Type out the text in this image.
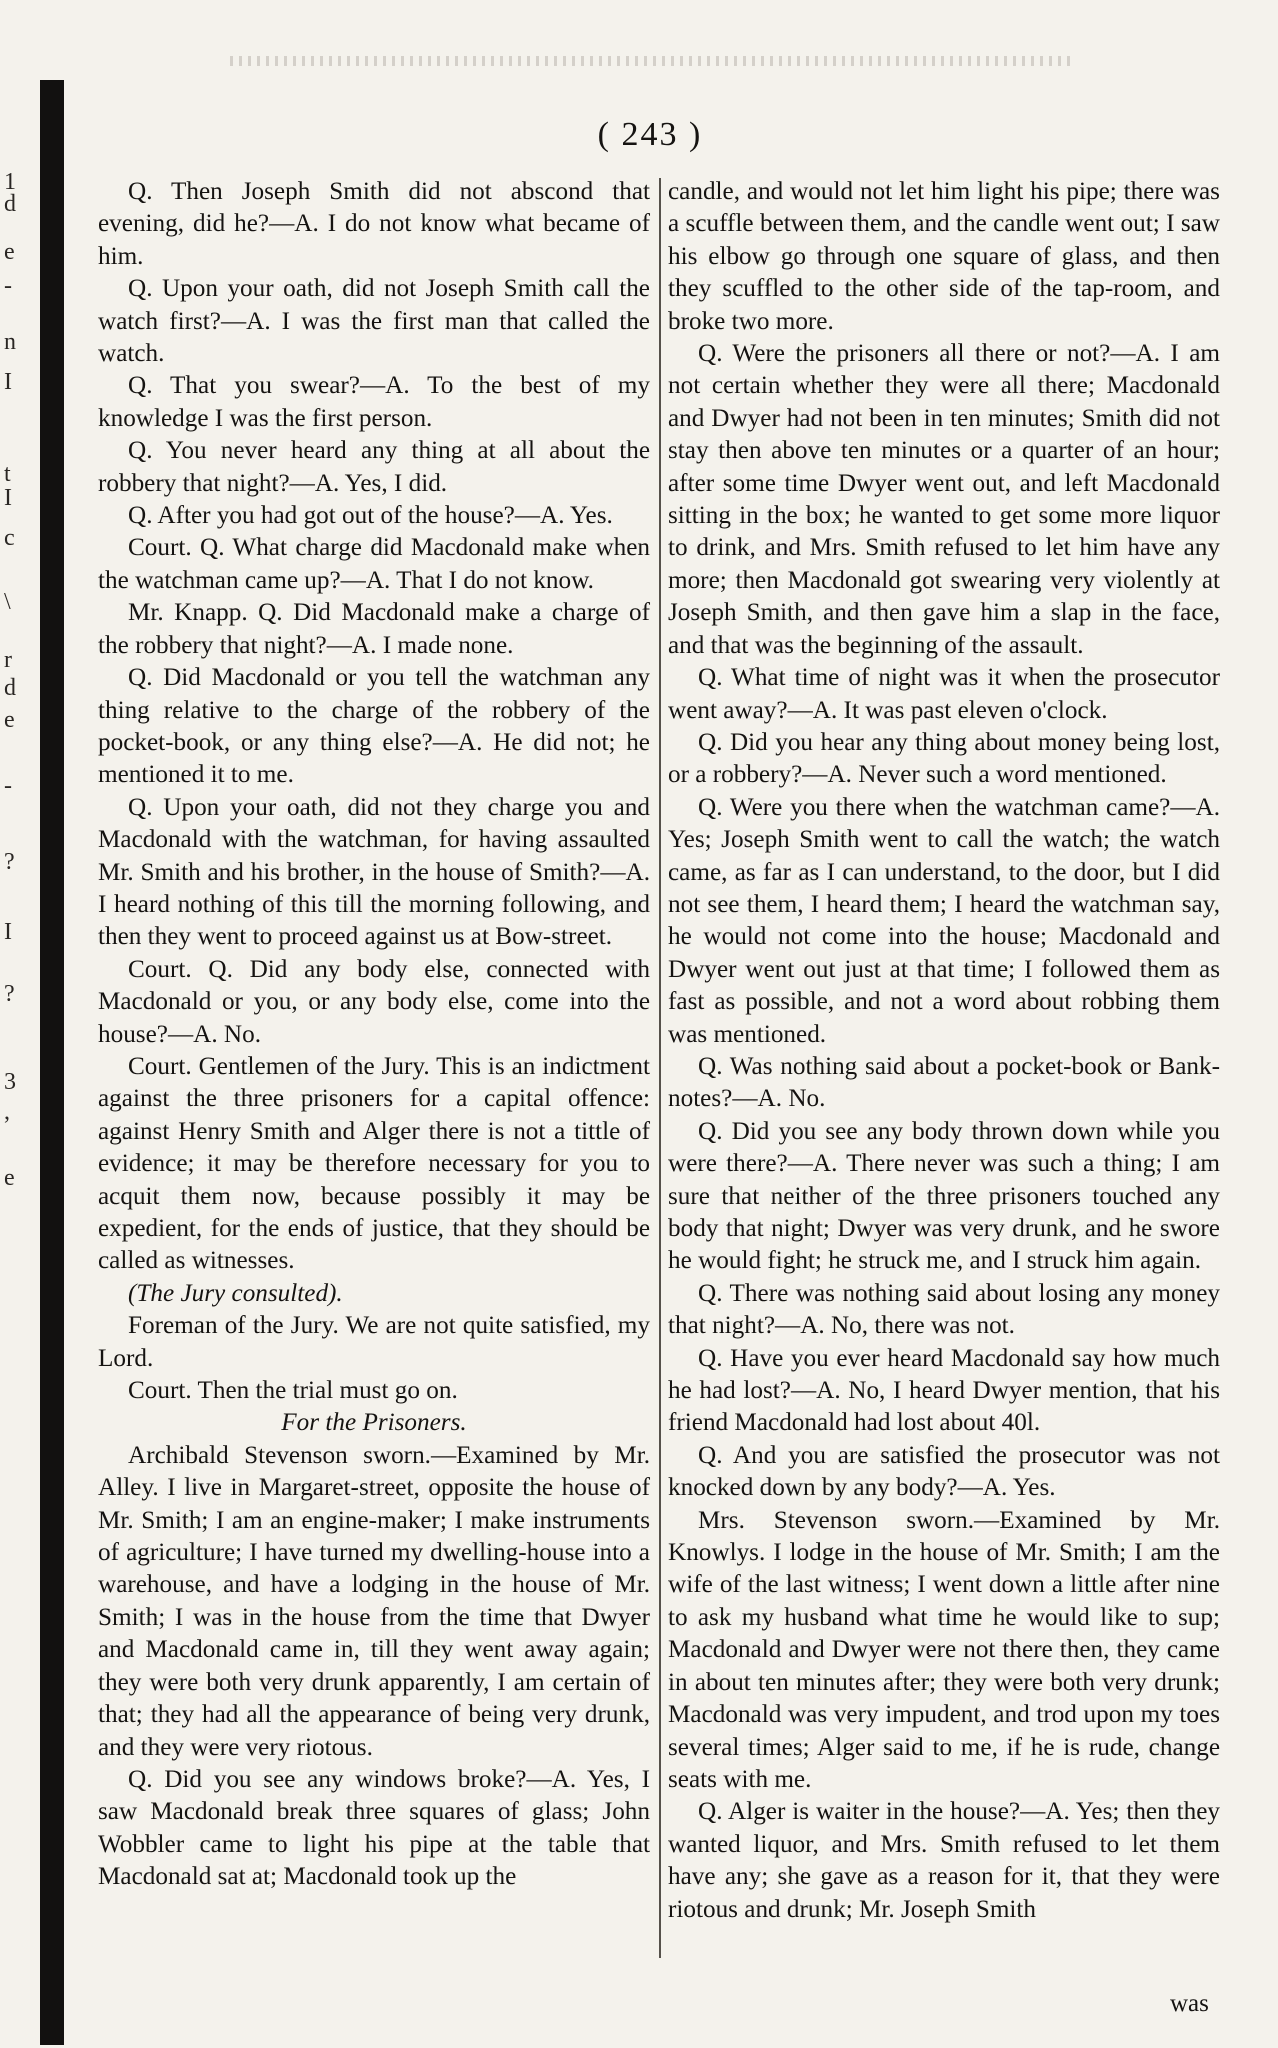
1
d
e
-
n
I
t
I
c
\
r
d
e
-
?
I
?
3
,
e
( 243 )

Q. Then Joseph Smith did not abscond that evening, did he?—A. I do not know what became of him.

Q. Upon your oath, did not Joseph Smith call the watch first?—A. I was the first man that called the watch.

Q. That you swear?—A. To the best of my knowledge I was the first person.

Q. You never heard any thing at all about the robbery that night?—A. Yes, I did.

Q. After you had got out of the house?—A. Yes.

Court. Q. What charge did Macdonald make when the watchman came up?—A. That I do not know.

Mr. Knapp. Q. Did Macdonald make a charge of the robbery that night?—A. I made none.

Q. Did Macdonald or you tell the watchman any thing relative to the charge of the robbery of the pocket-book, or any thing else?—A. He did not; he mentioned it to me.

Q. Upon your oath, did not they charge you and Macdonald with the watchman, for having assaulted Mr. Smith and his brother, in the house of Smith?—A. I heard nothing of this till the morning following, and then they went to proceed against us at Bow-street.

Court. Q. Did any body else, connected with Macdonald or you, or any body else, come into the house?—A. No.

Court. Gentlemen of the Jury. This is an indictment against the three prisoners for a capital offence: against Henry Smith and Alger there is not a tittle of evidence; it may be therefore necessary for you to acquit them now, because possibly it may be expedient, for the ends of justice, that they should be called as witnesses.

(The Jury consulted).

Foreman of the Jury. We are not quite satisfied, my Lord.

Court. Then the trial must go on.

For the Prisoners.

Archibald Stevenson sworn.—Examined by Mr. Alley. I live in Margaret-street, opposite the house of Mr. Smith; I am an engine-maker; I make instruments of agriculture; I have turned my dwelling-house into a warehouse, and have a lodging in the house of Mr. Smith; I was in the house from the time that Dwyer and Macdonald came in, till they went away again; they were both very drunk apparently, I am certain of that; they had all the appearance of being very drunk, and they were very riotous.

Q. Did you see any windows broke?—A. Yes, I saw Macdonald break three squares of glass; John Wobbler came to light his pipe at the table that Macdonald sat at; Macdonald took up the

candle, and would not let him light his pipe; there was a scuffle between them, and the candle went out; I saw his elbow go through one square of glass, and then they scuffled to the other side of the tap-room, and broke two more.

Q. Were the prisoners all there or not?—A. I am not certain whether they were all there; Macdonald and Dwyer had not been in ten minutes; Smith did not stay then above ten minutes or a quarter of an hour; after some time Dwyer went out, and left Macdonald sitting in the box; he wanted to get some more liquor to drink, and Mrs. Smith refused to let him have any more; then Macdonald got swearing very violently at Joseph Smith, and then gave him a slap in the face, and that was the beginning of the assault.

Q. What time of night was it when the prosecutor went away?—A. It was past eleven o'clock.

Q. Did you hear any thing about money being lost, or a robbery?—A. Never such a word mentioned.

Q. Were you there when the watchman came?—A. Yes; Joseph Smith went to call the watch; the watch came, as far as I can understand, to the door, but I did not see them, I heard them; I heard the watchman say, he would not come into the house; Macdonald and Dwyer went out just at that time; I followed them as fast as possible, and not a word about robbing them was mentioned.

Q. Was nothing said about a pocket-book or Bank-notes?—A. No.

Q. Did you see any body thrown down while you were there?—A. There never was such a thing; I am sure that neither of the three prisoners touched any body that night; Dwyer was very drunk, and he swore he would fight; he struck me, and I struck him again.

Q. There was nothing said about losing any money that night?—A. No, there was not.

Q. Have you ever heard Macdonald say how much he had lost?—A. No, I heard Dwyer mention, that his friend Macdonald had lost about 40l.

Q. And you are satisfied the prosecutor was not knocked down by any body?—A. Yes.

Mrs. Stevenson sworn.—Examined by Mr. Knowlys. I lodge in the house of Mr. Smith; I am the wife of the last witness; I went down a little after nine to ask my husband what time he would like to sup; Macdonald and Dwyer were not there then, they came in about ten minutes after; they were both very drunk; Macdonald was very impudent, and trod upon my toes several times; Alger said to me, if he is rude, change seats with me.

Q. Alger is waiter in the house?—A. Yes; then they wanted liquor, and Mrs. Smith refused to let them have any; she gave as a reason for it, that they were riotous and drunk; Mr. Joseph Smith

was
